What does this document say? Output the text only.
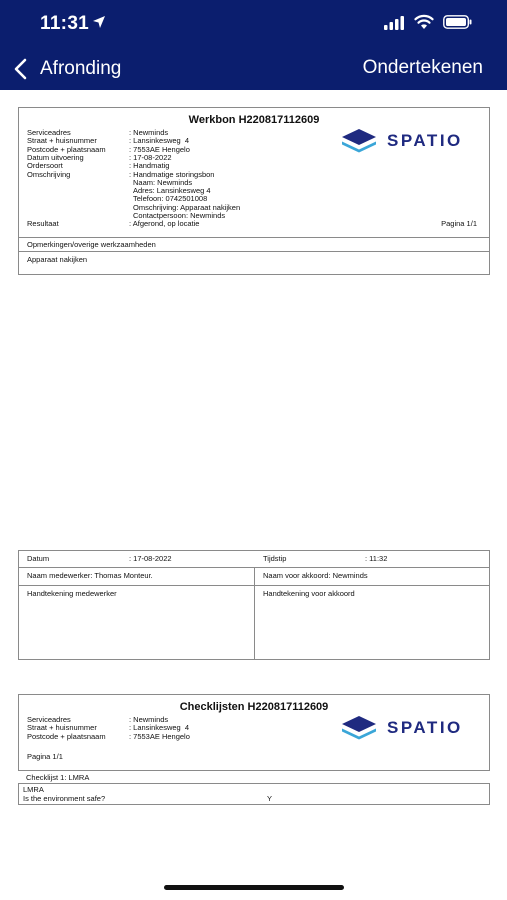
11:31
Afronding	Ondertekenen
Werkbon H220817112609
Serviceadres	: Newminds
Straat + huisnummer	: Lansinkesweg  4
Postcode + plaatsnaam	: 7553AE Hengelo
Datum uitvoering	: 17-08-2022
Ordersoort	: Handmatig
Omschrijving	: Handmatige storingsbon
Naam: Newminds
Adres: Lansinkesweg 4
Telefoon: 0742501008
Omschrijving: Apparaat nakijken
Contactpersoon: Newminds
Resultaat	: Afgerond, op locatie	Pagina 1/1
SPATIO
Opmerkingen/overige werkzaamheden
Apparaat nakijken
Datum	: 17-08-2022	Tijdstip	: 11:32
Naam medewerker: Thomas Monteur.	Naam voor akkoord: Newminds
Handtekening medewerker	Handtekening voor akkoord
Checklijsten H220817112609
Serviceadres	: Newminds
Straat + huisnummer	: Lansinkesweg  4
Postcode + plaatsnaam	: 7553AE Hengelo
Pagina 1/1
SPATIO
Checklijst 1: LMRA
LMRA
Is the environment safe?	Y
